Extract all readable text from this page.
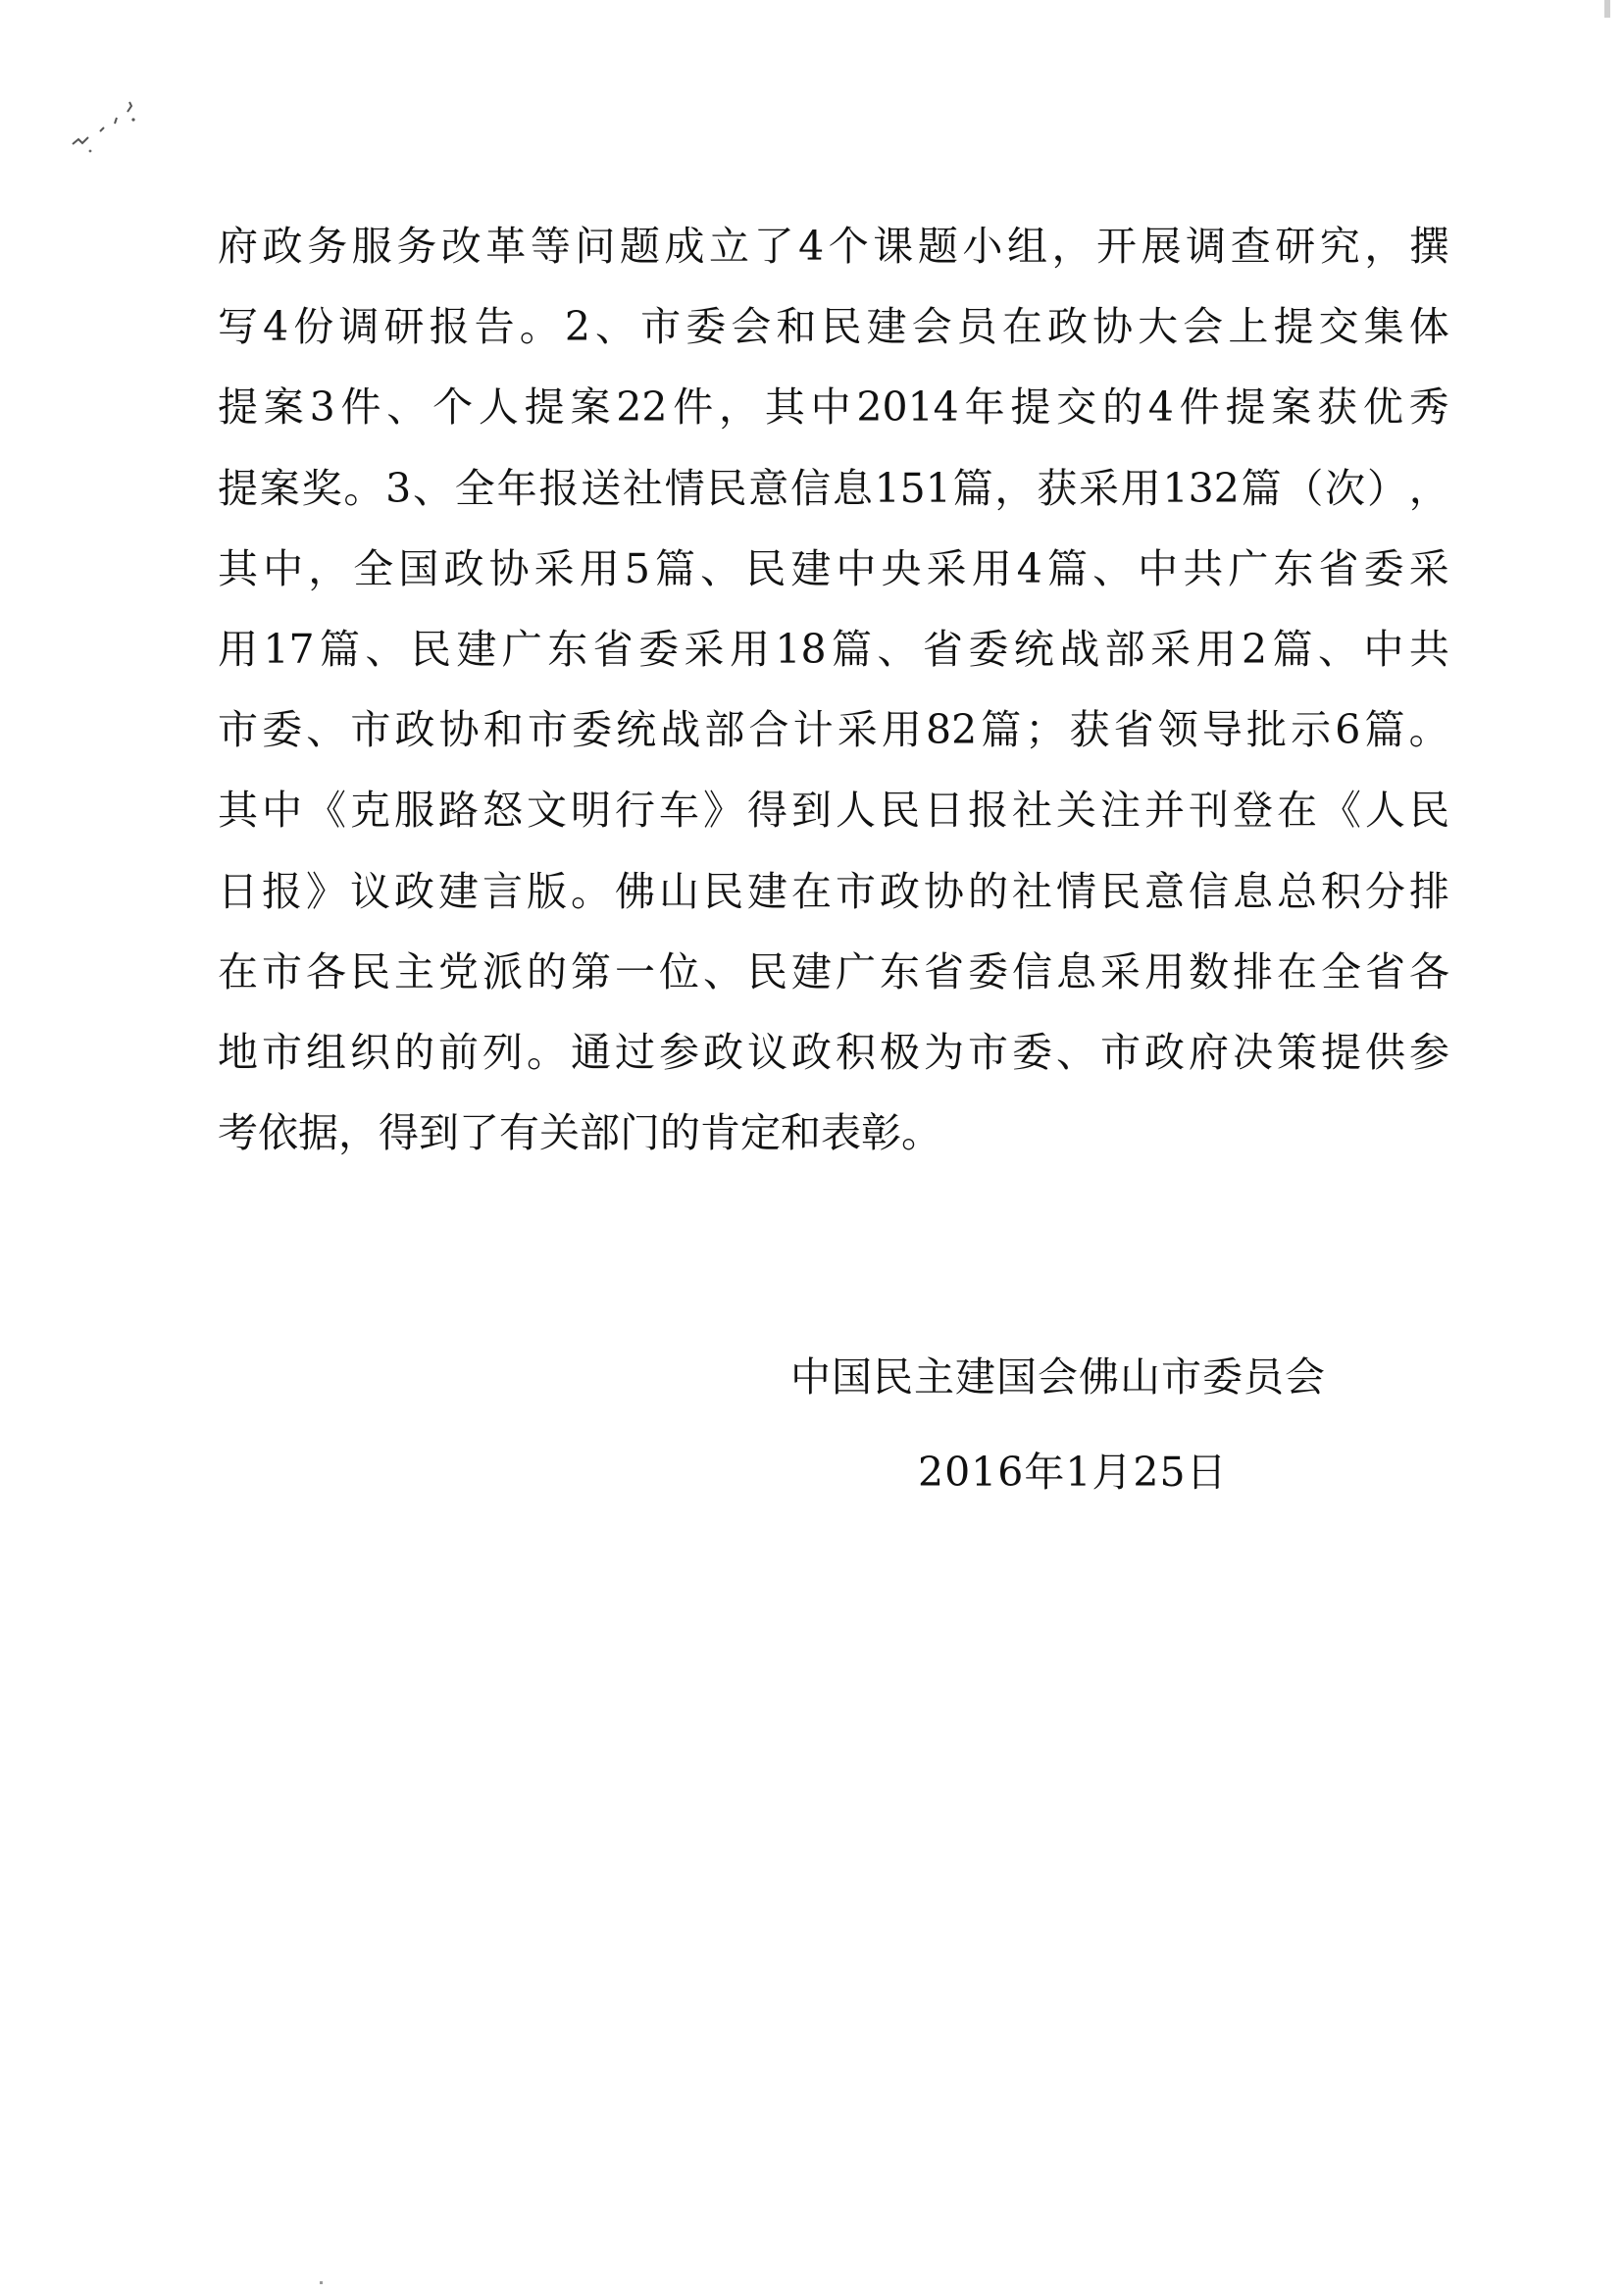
府 政 务 服 务 改 革 等 问 题 成 立 了 4 个 课 题 小 组 ， 开 展 调 查 研 究 ， 撰
写 4 份 调 研 报 告 。 2 、 市 委 会 和 民 建 会 员 在 政 协 大 会 上 提 交 集 体
提 案 3 件 、 个 人 提 案 22 件 ， 其 中 2014 年 提 交 的 4 件 提 案 获 优 秀
提 案 奖 。 3 、 全 年 报 送 社 情 民 意 信 息 151 篇 ， 获 采 用 132 篇 （ 次 ） ，
其 中 ， 全 国 政 协 采 用 5 篇 、 民 建 中 央 采 用 4 篇 、 中 共 广 东 省 委 采
用 17 篇 、 民 建 广 东 省 委 采 用 18 篇 、 省 委 统 战 部 采 用 2 篇 、 中 共
市 委 、 市 政 协 和 市 委 统 战 部 合 计 采 用 82 篇 ； 获 省 领 导 批 示 6 篇 。
其 中 《 克 服 路 怒 文 明 行 车 》 得 到 人 民 日 报 社 关 注 并 刊 登 在 《 人 民
日 报 》 议 政 建 言 版 。 佛 山 民 建 在 市 政 协 的 社 情 民 意 信 息 总 积 分 排
在 市 各 民 主 党 派 的 第 一 位 、 民 建 广 东 省 委 信 息 采 用 数 排 在 全 省 各
地 市 组 织 的 前 列 。 通 过 参 政 议 政 积 极 为 市 委 、 市 政 府 决 策 提 供 参
考依据，得到了有关部门的肯定和表彰。
中国民主建国会佛山市委员会
2016年1月25日
